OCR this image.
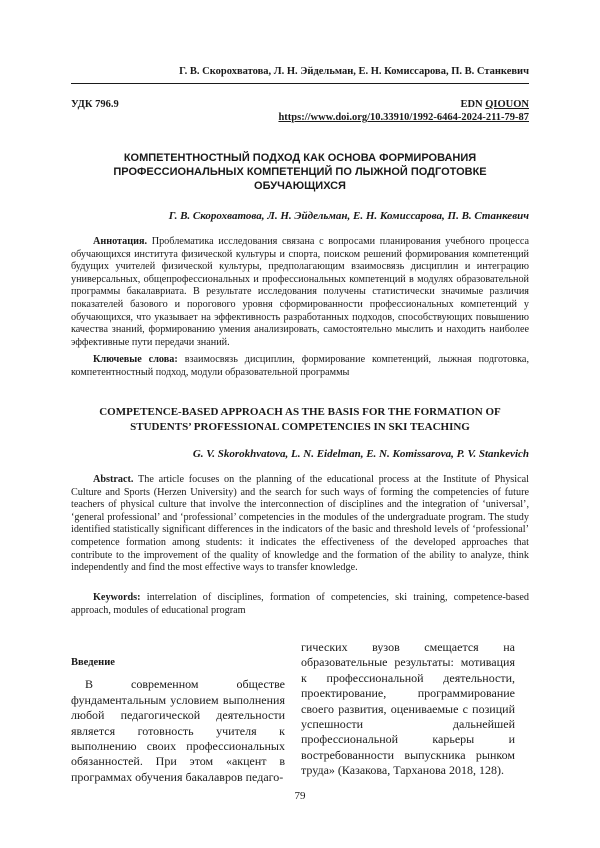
Г. В. Скорохватова, Л. Н. Эйдельман, Е. Н. Комиссарова, П. В. Станкевич
УДК 796.9	EDN QIOUON
https://www.doi.org/10.33910/1992-6464-2024-211-79-87
КОМПЕТЕНТНОСТНЫЙ ПОДХОД КАК ОСНОВА ФОРМИРОВАНИЯ ПРОФЕССИОНАЛЬНЫХ КОМПЕТЕНЦИЙ ПО ЛЫЖНОЙ ПОДГОТОВКЕ ОБУЧАЮЩИХСЯ
Г. В. Скорохватова, Л. Н. Эйдельман, Е. Н. Комиссарова, П. В. Станкевич
Аннотация. Проблематика исследования связана с вопросами планирования учебного процесса обучающихся института физической культуры и спорта, поиском решений формирования компетенций будущих учителей физической культуры, предполагающим взаимосвязь дисциплин и интеграцию универсальных, общепрофессиональных и профессиональных компетенций в модулях образовательной программы бакалавриата. В результате исследования получены статистически значимые различия показателей базового и порогового уровня сформированности профессиональных компетенций у обучающихся, что указывает на эффективность разработанных подходов, способствующих повышению качества знаний, формированию умения анализировать, самостоятельно мыслить и находить наиболее эффективные пути передачи знаний.
Ключевые слова: взаимосвязь дисциплин, формирование компетенций, лыжная подготовка, компетентностный подход, модули образовательной программы
COMPETENCE-BASED APPROACH AS THE BASIS FOR THE FORMATION OF STUDENTS’ PROFESSIONAL COMPETENCIES IN SKI TEACHING
G. V. Skorokhvatova, L. N. Eidelman, E. N. Komissarova, P. V. Stankevich
Abstract. The article focuses on the planning of the educational process at the Institute of Physical Culture and Sports (Herzen University) and the search for such ways of forming the competencies of future teachers of physical culture that involve the interconnection of disciplines and the integration of ‘universal’, ‘general professional’ and ‘professional’ competencies in the modules of the undergraduate program. The study identified statistically significant differences in the indicators of the basic and threshold levels of ‘professional’ competence formation among students: it indicates the effectiveness of the developed approaches that contribute to the improvement of the quality of knowledge and the formation of the ability to analyze, think independently and find the most effective ways to transfer knowledge.
Keywords: interrelation of disciplines, formation of competencies, ski training, competence-based approach, modules of educational program
Введение

В современном обществе фундаментальным условием выполнения любой педагогической деятельности является готовность учителя к выполнению своих профессиональных обязанностей. При этом «акцент в программах обучения бакалавров педаго-

гических вузов смещается на образовательные результаты: мотивация к профессиональной деятельности, проектирование, программирование своего развития, оцениваемые с позиций успешности дальнейшей профессиональной карьеры и востребованности выпускника рынком труда» (Казакова, Тарханова 2018, 128).

79
